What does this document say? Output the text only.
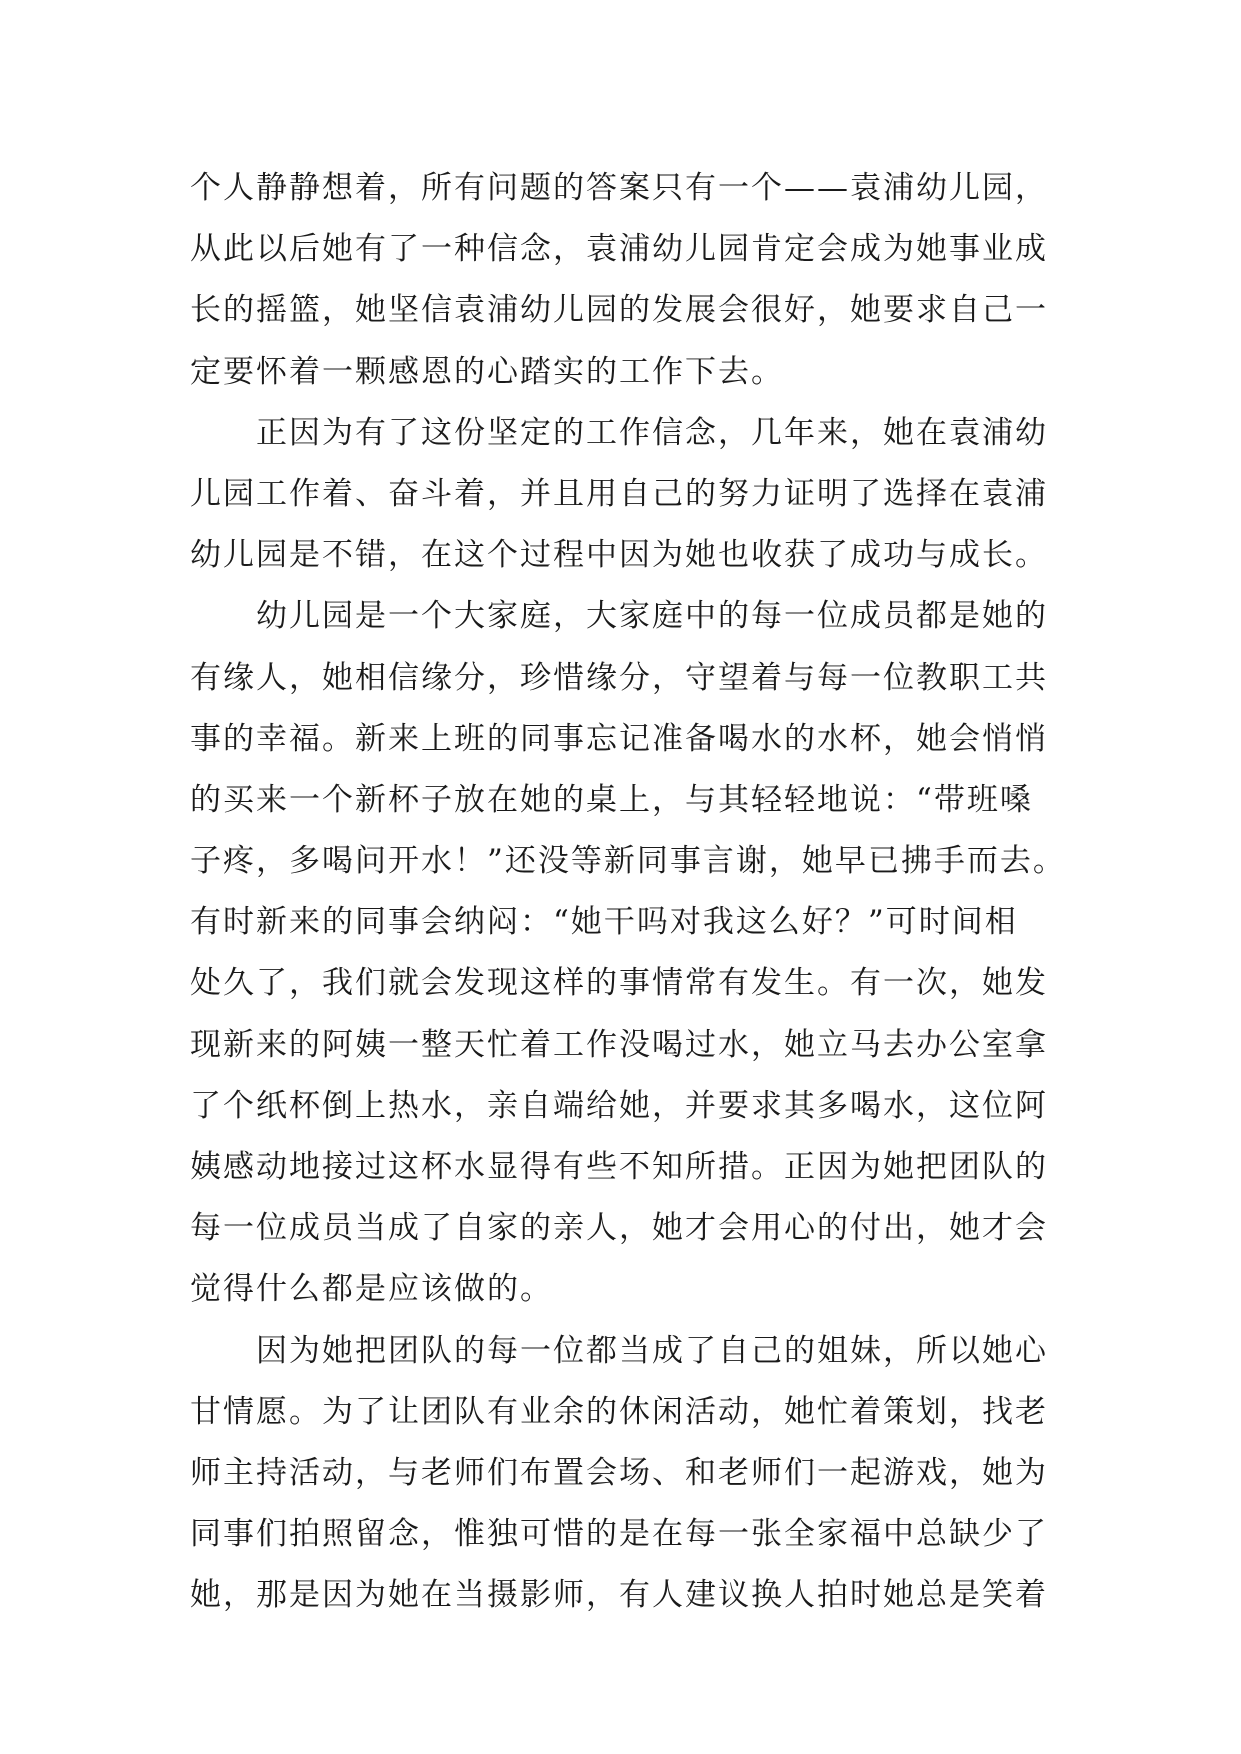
个人静静想着，所有问题的答案只有一个——袁浦幼儿园，
从此以后她有了一种信念，袁浦幼儿园肯定会成为她事业成
长的摇篮，她坚信袁浦幼儿园的发展会很好，她要求自己一
定要怀着一颗感恩的心踏实的工作下去。
正因为有了这份坚定的工作信念，几年来，她在袁浦幼
儿园工作着、奋斗着，并且用自己的努力证明了选择在袁浦
幼儿园是不错，在这个过程中因为她也收获了成功与成长。
幼儿园是一个大家庭，大家庭中的每一位成员都是她的
有缘人，她相信缘分，珍惜缘分，守望着与每一位教职工共
事的幸福。新来上班的同事忘记准备喝水的水杯，她会悄悄
的买来一个新杯子放在她的桌上，与其轻轻地说：“带班嗓
子疼，多喝问开水！”还没等新同事言谢，她早已拂手而去。
有时新来的同事会纳闷：“她干吗对我这么好？”可时间相
处久了，我们就会发现这样的事情常有发生。有一次，她发
现新来的阿姨一整天忙着工作没喝过水，她立马去办公室拿
了个纸杯倒上热水，亲自端给她，并要求其多喝水，这位阿
姨感动地接过这杯水显得有些不知所措。正因为她把团队的
每一位成员当成了自家的亲人，她才会用心的付出，她才会
觉得什么都是应该做的。
因为她把团队的每一位都当成了自己的姐妹，所以她心
甘情愿。为了让团队有业余的休闲活动，她忙着策划，找老
师主持活动，与老师们布置会场、和老师们一起游戏，她为
同事们拍照留念，惟独可惜的是在每一张全家福中总缺少了
她，那是因为她在当摄影师，有人建议换人拍时她总是笑着
